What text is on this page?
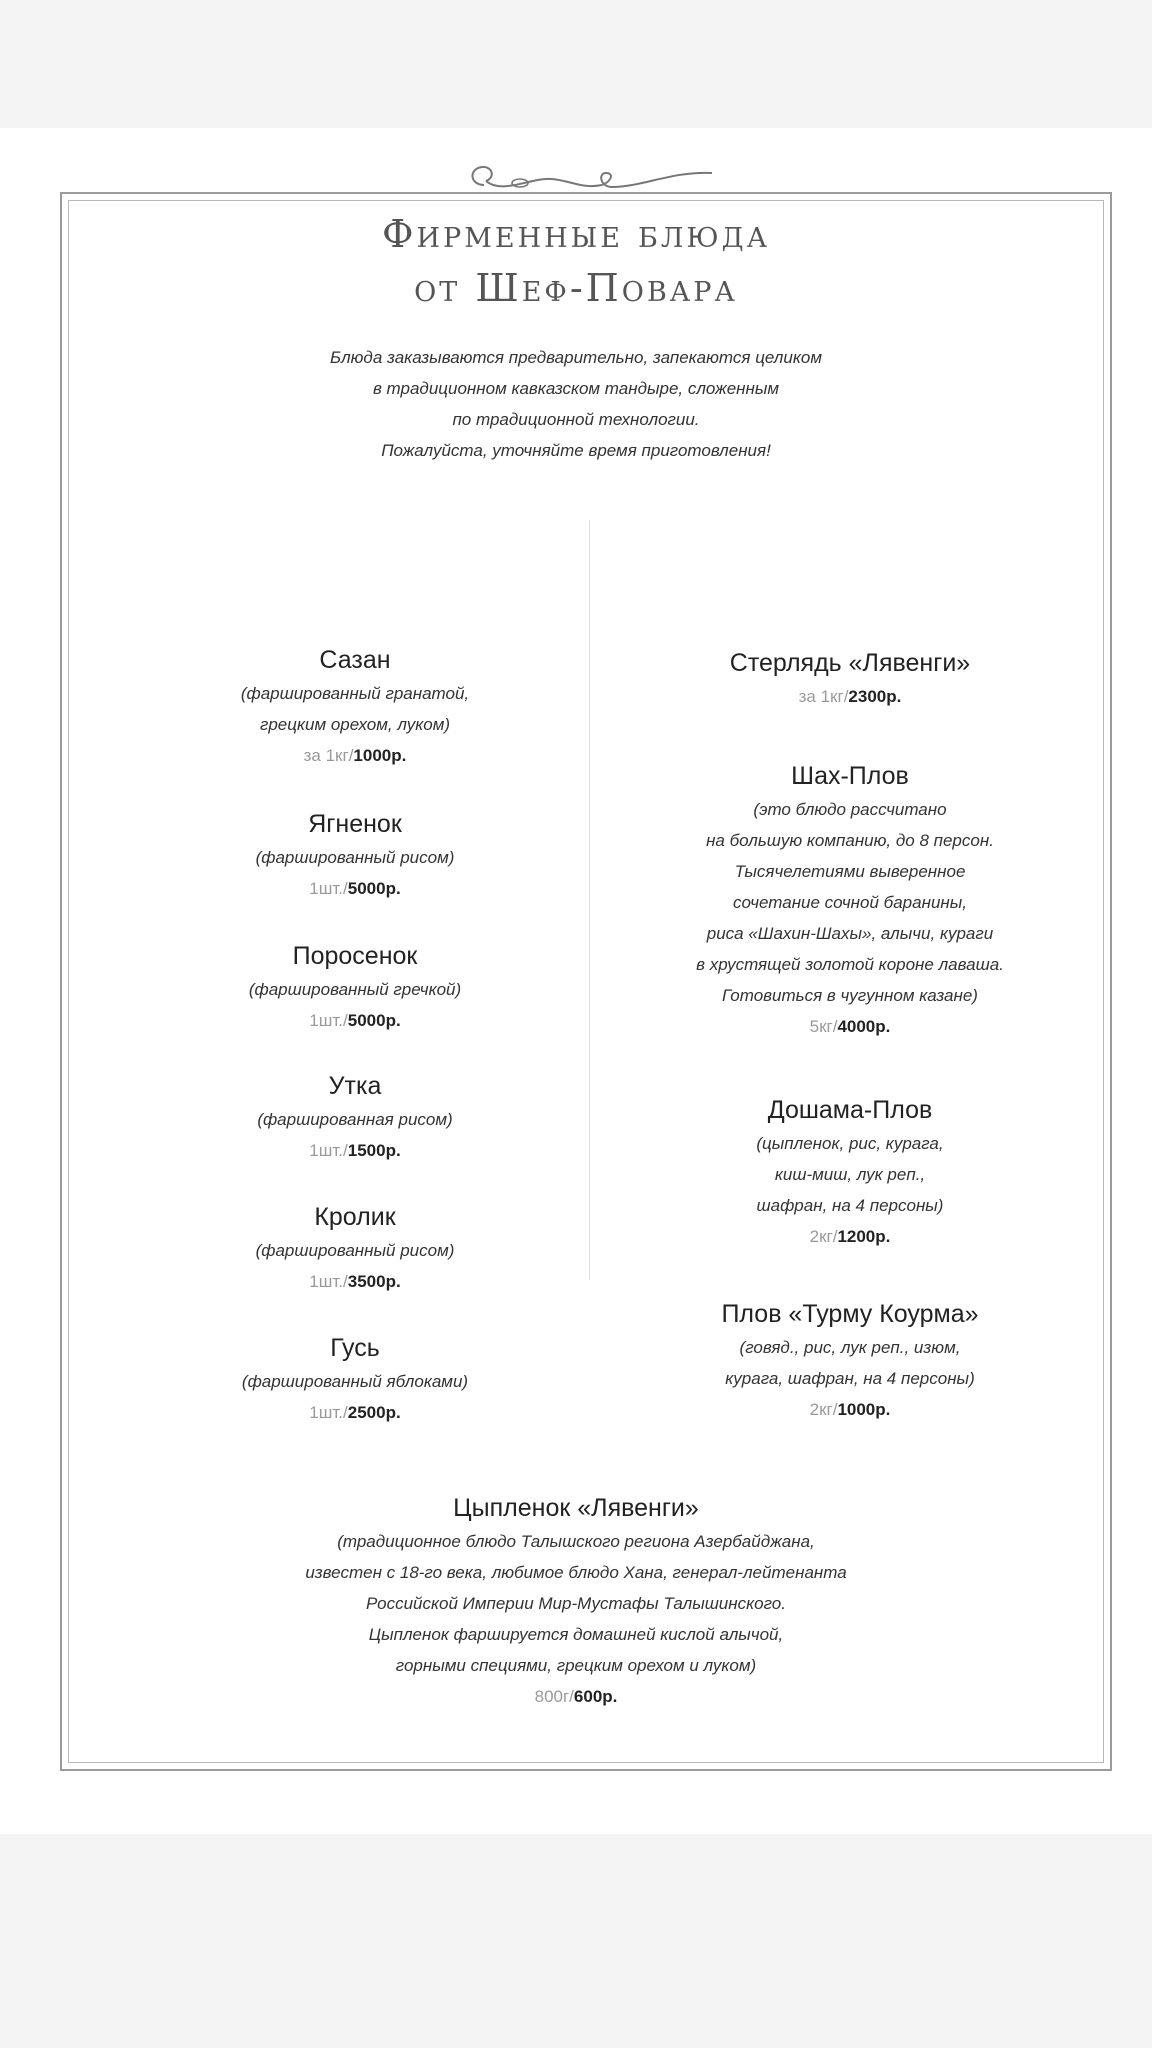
Фирменные блюда
от Шеф-Повара
Блюда заказываются предварительно, запекаются целиком
в традиционном кавказском тандыре, сложенным
по традиционной технологии.
Пожалуйста, уточняйте время приготовления!
Сазан
(фаршированный гранатой,
грецким орехом, луком)
за 1кг/1000р.
Ягненок
(фаршированный рисом)
1шт./5000р.
Поросенок
(фаршированный гречкой)
1шт./5000р.
Утка
(фаршированная рисом)
1шт./1500р.
Кролик
(фаршированный рисом)
1шт./3500р.
Гусь
(фаршированный яблоками)
1шт./2500р.
Стерлядь «Лявенги»
за 1кг/2300р.
Шах-Плов
(это блюдо рассчитано
на большую компанию, до 8 персон.
Тысячелетиями выверенное
сочетание сочной баранины,
риса «Шахин-Шахы», алычи, кураги
в хрустящей золотой короне лаваша.
Готовиться в чугунном казане)
5кг/4000р.
Дошама-Плов
(цыпленок, рис, курага,
киш-миш, лук реп.,
шафран, на 4 персоны)
2кг/1200р.
Плов «Турму Коурма»
(говяд., рис, лук реп., изюм,
курага, шафран, на 4 персоны)
2кг/1000р.
Цыпленок «Лявенги»
(традиционное блюдо Талышского региона Азербайджана,
известен с 18-го века, любимое блюдо Хана, генерал-лейтенанта
Российской Империи Мир-Мустафы Талышинского.
Цыпленок фаршируется домашней кислой алычой,
горными специями, грецким орехом и луком)
800г/600р.
